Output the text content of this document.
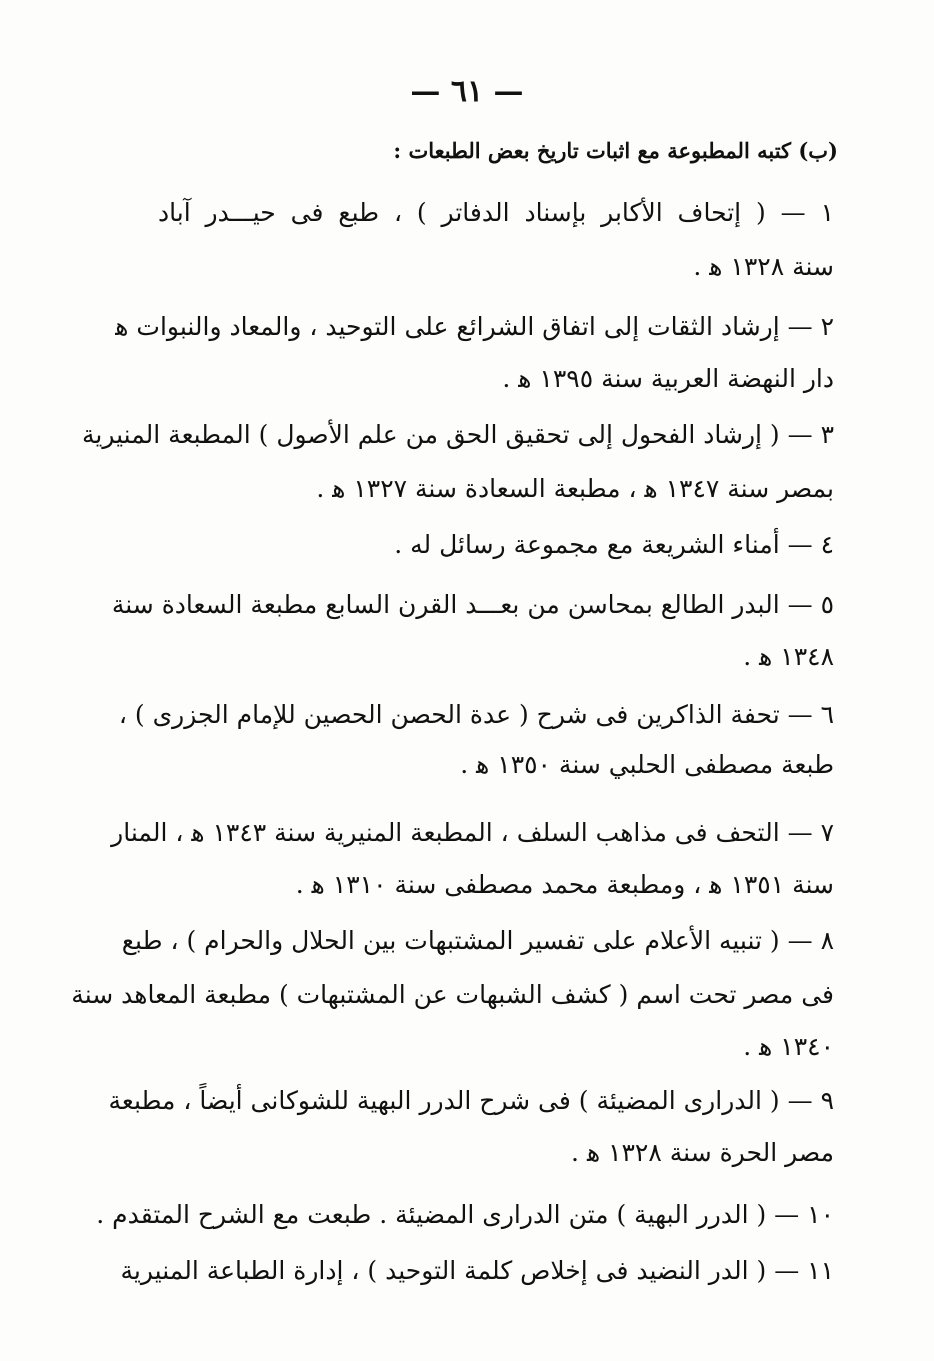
— ٦١ —
(ب) كتبه المطبوعة مع اثبات تاريخ بعض الطبعات :
١ — ( إتحاف الأكابر بإسناد الدفاتر ) ، طبع فى حيـــدر آباد
سنة ١٣٢٨ ﻫ .
٢ — إرشاد الثقات إلى اتفاق الشرائع على التوحيد ، والمعاد والنبوات ﻫ
دار النهضة العربية سنة ١٣٩٥ ﻫ .
٣ — ( إرشاد الفحول إلى تحقيق الحق من علم الأصول ) المطبعة المنيرية
بمصر سنة ١٣٤٧ ﻫ ، مطبعة السعادة سنة ١٣٢٧ ﻫ .
٤ — أمناء الشريعة مع مجموعة رسائل له .
٥ — البدر الطالع بمحاسن من بعـــد القرن السابع مطبعة السعادة سنة
١٣٤٨ ﻫ .
٦ — تحفة الذاكرين فى شرح ( عدة الحصن الحصين للإمام الجزرى ) ،
طبعة مصطفى الحلبي سنة ١٣٥٠ ﻫ .
٧ — التحف فى مذاهب السلف ، المطبعة المنيرية سنة ١٣٤٣ ﻫ ، المنار
سنة ١٣٥١ ﻫ ، ومطبعة محمد مصطفى سنة ١٣١٠ ﻫ .
٨ — ( تنبيه الأعلام على تفسير المشتبهات بين الحلال والحرام ) ، طبع
فى مصر تحت اسم ( كشف الشبهات عن المشتبهات ) مطبعة المعاهد سنة
١٣٤٠ ﻫ .
٩ — ( الدرارى المضيئة ) فى شرح الدرر البهية للشوكانى أيضاً ، مطبعة
مصر الحرة سنة ١٣٢٨ ﻫ .
١٠ — ( الدرر البهية ) متن الدرارى المضيئة . طبعت مع الشرح المتقدم .
١١ — ( الدر النضيد فى إخلاص كلمة التوحيد ) ، إدارة الطباعة المنيرية
